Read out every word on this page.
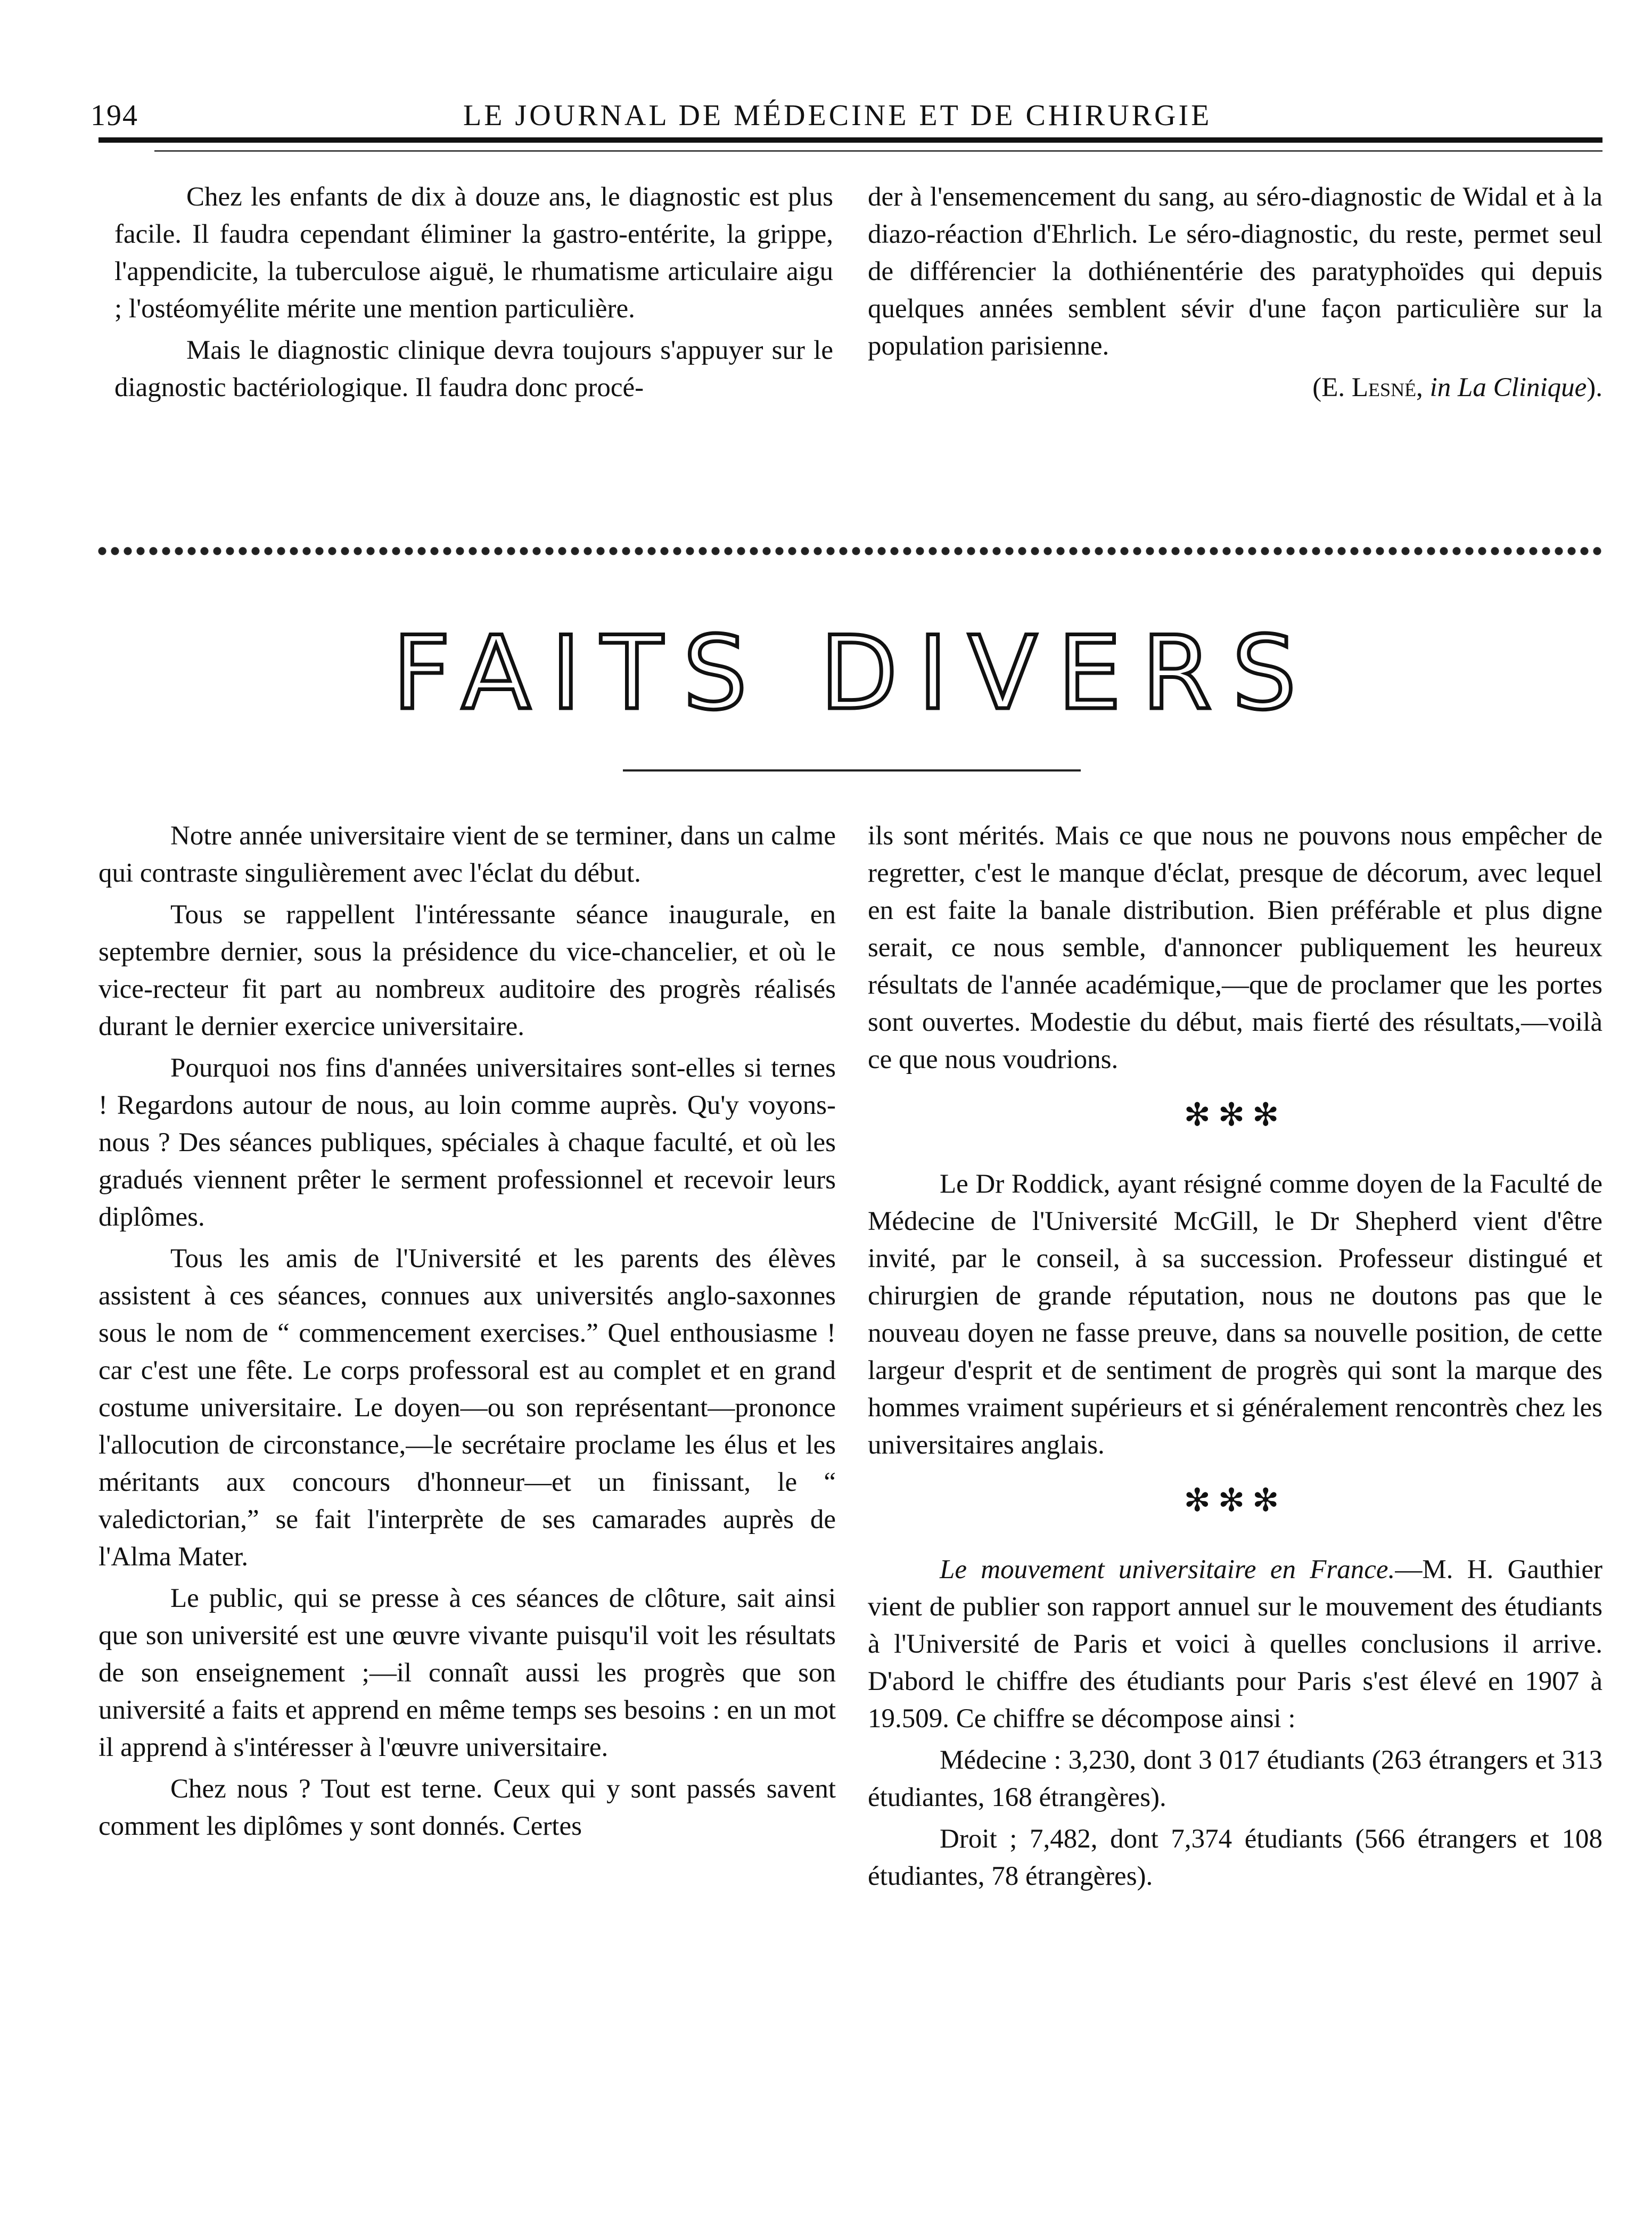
194	LE JOURNAL DE MÉDECINE ET DE CHIRURGIE

Chez les enfants de dix à douze ans, le diagnostic est plus facile. Il faudra cependant éliminer la gastro-entérite, la grippe, l'appendicite, la tuberculose aiguë, le rhumatisme articulaire aigu ; l'ostéomyélite mérite une mention particulière.

Mais le diagnostic clinique devra toujours s'appuyer sur le diagnostic bactériologique. Il faudra donc procé-

der à l'ensemencement du sang, au séro-diagnostic de Widal et à la diazo-réaction d'Ehrlich. Le séro-diagnostic, du reste, permet seul de différencier la dothiénentérie des paratyphoïdes qui depuis quelques années semblent sévir d'une façon particulière sur la population parisienne.

(E. Lesné, in La Clinique).

FAITS DIVERS

Notre année universitaire vient de se terminer, dans un calme qui contraste singulièrement avec l'éclat du début.

Tous se rappellent l'intéressante séance inaugurale, en septembre dernier, sous la présidence du vice-chancelier, et où le vice-recteur fit part au nombreux auditoire des progrès réalisés durant le dernier exercice universitaire.

Pourquoi nos fins d'années universitaires sont-elles si ternes ! Regardons autour de nous, au loin comme auprès. Qu'y voyons-nous ? Des séances publiques, spéciales à chaque faculté, et où les gradués viennent prêter le serment professionnel et recevoir leurs diplômes.

Tous les amis de l'Université et les parents des élèves assistent à ces séances, connues aux universités anglo-saxonnes sous le nom de “ commencement exercises.” Quel enthousiasme ! car c'est une fête. Le corps professoral est au complet et en grand costume universitaire. Le doyen—ou son représentant—prononce l'allocution de circonstance,—le secrétaire proclame les élus et les méritants aux concours d'honneur—et un finissant, le “ valedictorian,” se fait l'interprète de ses camarades auprès de l'Alma Mater.

Le public, qui se presse à ces séances de clôture, sait ainsi que son université est une œuvre vivante puisqu'il voit les résultats de son enseignement ;—il connaît aussi les progrès que son université a faits et apprend en même temps ses besoins : en un mot il apprend à s'intéresser à l'œuvre universitaire.

Chez nous ? Tout est terne. Ceux qui y sont passés savent comment les diplômes y sont donnés. Certes

ils sont mérités. Mais ce que nous ne pouvons nous empêcher de regretter, c'est le manque d'éclat, presque de décorum, avec lequel en est faite la banale distribution. Bien préférable et plus digne serait, ce nous semble, d'annoncer publiquement les heureux résultats de l'année académique,—que de proclamer que les portes sont ouvertes. Modestie du début, mais fierté des résultats,—voilà ce que nous voudrions.

✻✻✻

Le Dr Roddick, ayant résigné comme doyen de la Faculté de Médecine de l'Université McGill, le Dr Shepherd vient d'être invité, par le conseil, à sa succession. Professeur distingué et chirurgien de grande réputation, nous ne doutons pas que le nouveau doyen ne fasse preuve, dans sa nouvelle position, de cette largeur d'esprit et de sentiment de progrès qui sont la marque des hommes vraiment supérieurs et si généralement rencontrès chez les universitaires anglais.

✻✻✻

Le mouvement universitaire en France.—M. H. Gauthier vient de publier son rapport annuel sur le mouvement des étudiants à l'Université de Paris et voici à quelles conclusions il arrive. D'abord le chiffre des étudiants pour Paris s'est élevé en 1907 à 19.509. Ce chiffre se décompose ainsi :

Médecine : 3,230, dont 3 017 étudiants (263 étrangers et 313 étudiantes, 168 étrangères).

Droit ; 7,482, dont 7,374 étudiants (566 étrangers et 108 étudiantes, 78 étrangères).
